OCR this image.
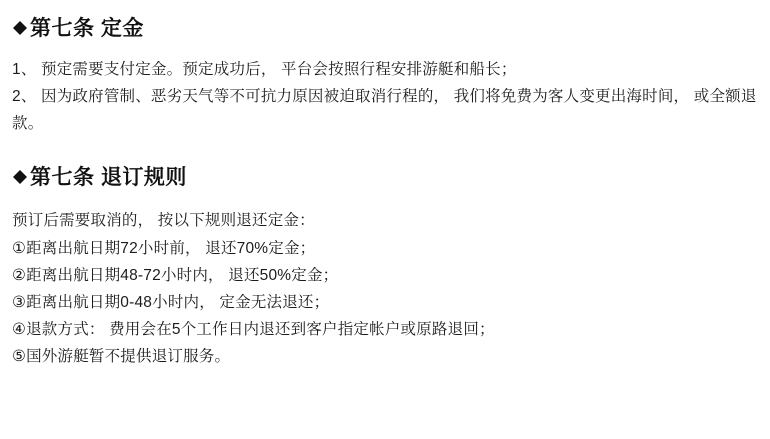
第七条 定金
1、 预定需要支付定金。预定成功后， 平台会按照行程安排游艇和船长；
2、 因为政府管制、恶劣天气等不可抗力原因被迫取消行程的， 我们将免费为客人变更出海时间， 或全额退款。
第七条 退订规则

预订后需要取消的， 按以下规则退还定金：

①距离出航日期72小时前， 退还70%定金；
②距离出航日期48-72小时内， 退还50%定金；
③距离出航日期0-48小时内， 定金无法退还；
④退款方式： 费用会在5个工作日内退还到客户指定帐户或原路退回；
⑤国外游艇暂不提供退订服务。
